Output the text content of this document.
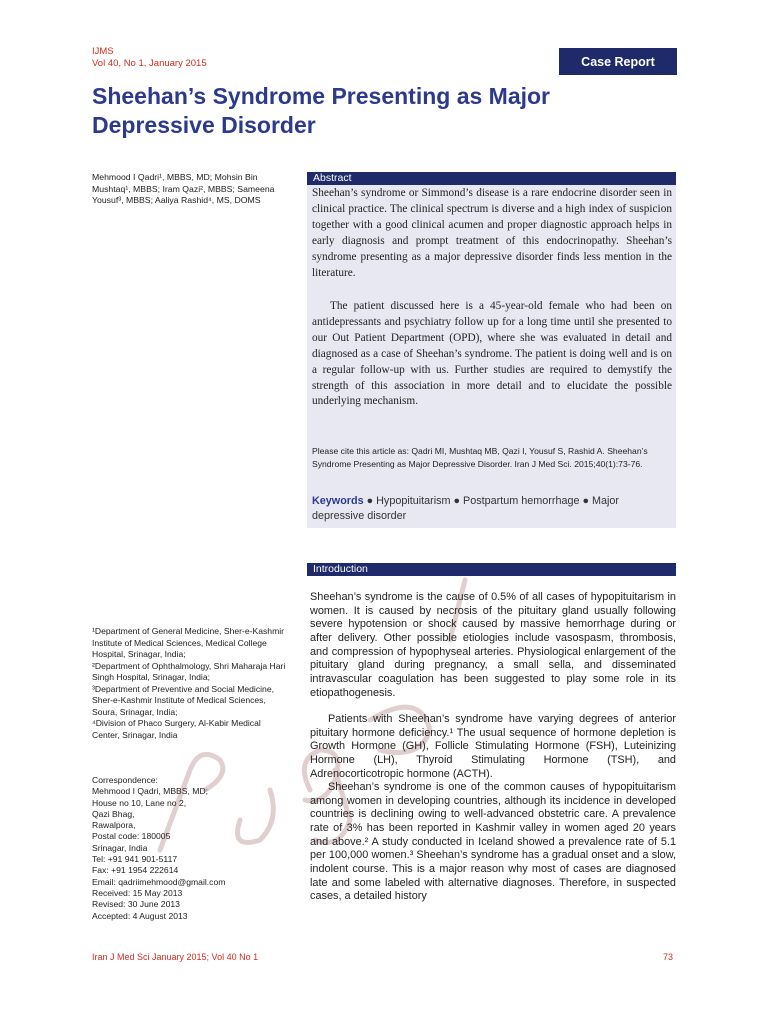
IJMS
Vol 40, No 1, January 2015	Case Report
Sheehan’s Syndrome Presenting as Major
Depressive Disorder
Mehmood I Qadri¹, MBBS, MD; Mohsin Bin Mushtaq¹, MBBS; Iram Qazi², MBBS; Sameena Yousuf³, MBBS; Aaliya Rashid⁴, MS, DOMS
Abstract
Sheehan’s syndrome or Simmond’s disease is a rare endocrine disorder seen in clinical practice. The clinical spectrum is diverse and a high index of suspicion together with a good clinical acumen and proper diagnostic approach helps in early diagnosis and prompt treatment of this endocrinopathy. Sheehan’s syndrome presenting as a major depressive disorder finds less mention in the literature.
The patient discussed here is a 45-year-old female who had been on antidepressants and psychiatry follow up for a long time until she presented to our Out Patient Department (OPD), where she was evaluated in detail and diagnosed as a case of Sheehan’s syndrome. The patient is doing well and is on a regular follow-up with us. Further studies are required to demystify the strength of this association in more detail and to elucidate the possible underlying mechanism.
Please cite this article as: Qadri MI, Mushtaq MB, Qazi I, Yousuf S, Rashid A. Sheehan’s Syndrome Presenting as Major Depressive Disorder. Iran J Med Sci. 2015;40(1):73-76.
Keywords ● Hypopituitarism ● Postpartum hemorrhage ● Major depressive disorder
Introduction
Sheehan’s syndrome is the cause of 0.5% of all cases of hypopituitarism in women. It is caused by necrosis of the pituitary gland usually following severe hypotension or shock caused by massive hemorrhage during or after delivery. Other possible etiologies include vasospasm, thrombosis, and compression of hypophyseal arteries. Physiological enlargement of the pituitary gland during pregnancy, a small sella, and disseminated intravascular coagulation has been suggested to play some role in its etiopathogenesis.
Patients with Sheehan’s syndrome have varying degrees of anterior pituitary hormone deficiency.¹ The usual sequence of hormone depletion is Growth Hormone (GH), Follicle Stimulating Hormone (FSH), Luteinizing Hormone (LH), Thyroid Stimulating Hormone (TSH), and Adrenocorticotropic hormone (ACTH).
Sheehan’s syndrome is one of the common causes of hypopituitarism among women in developing countries, although its incidence in developed countries is declining owing to well-advanced obstetric care. A prevalence rate of 3% has been reported in Kashmir valley in women aged 20 years and above.² A study conducted in Iceland showed a prevalence rate of 5.1 per 100,000 women.³ Sheehan’s syndrome has a gradual onset and a slow, indolent course. This is a major reason why most of cases are diagnosed late and some labeled with alternative diagnoses. Therefore, in suspected cases, a detailed history
¹Department of General Medicine, Sher-e-Kashmir Institute of Medical Sciences, Medical College Hospital, Srinagar, India;
²Department of Ophthalmology, Shri Maharaja Hari Singh Hospital, Srinagar, India;
³Department of Preventive and Social Medicine, Sher-e-Kashmir Institute of Medical Sciences, Soura, Srinagar, India;
⁴Division of Phaco Surgery, Al-Kabir Medical Center, Srinagar, India
Correspondence:
Mehmood I Qadri, MBBS, MD;
House no 10, Lane no 2,
Qazi Bhag,
Rawalpora,
Postal code: 180005
Srinagar, India
Tel: +91 941 901-5117
Fax: +91 1954 222614
Email: qadriimehmood@gmail.com
Received: 15 May 2013
Revised: 30 June 2013
Accepted: 4 August 2013
Iran J Med Sci January 2015; Vol 40 No 1	73
